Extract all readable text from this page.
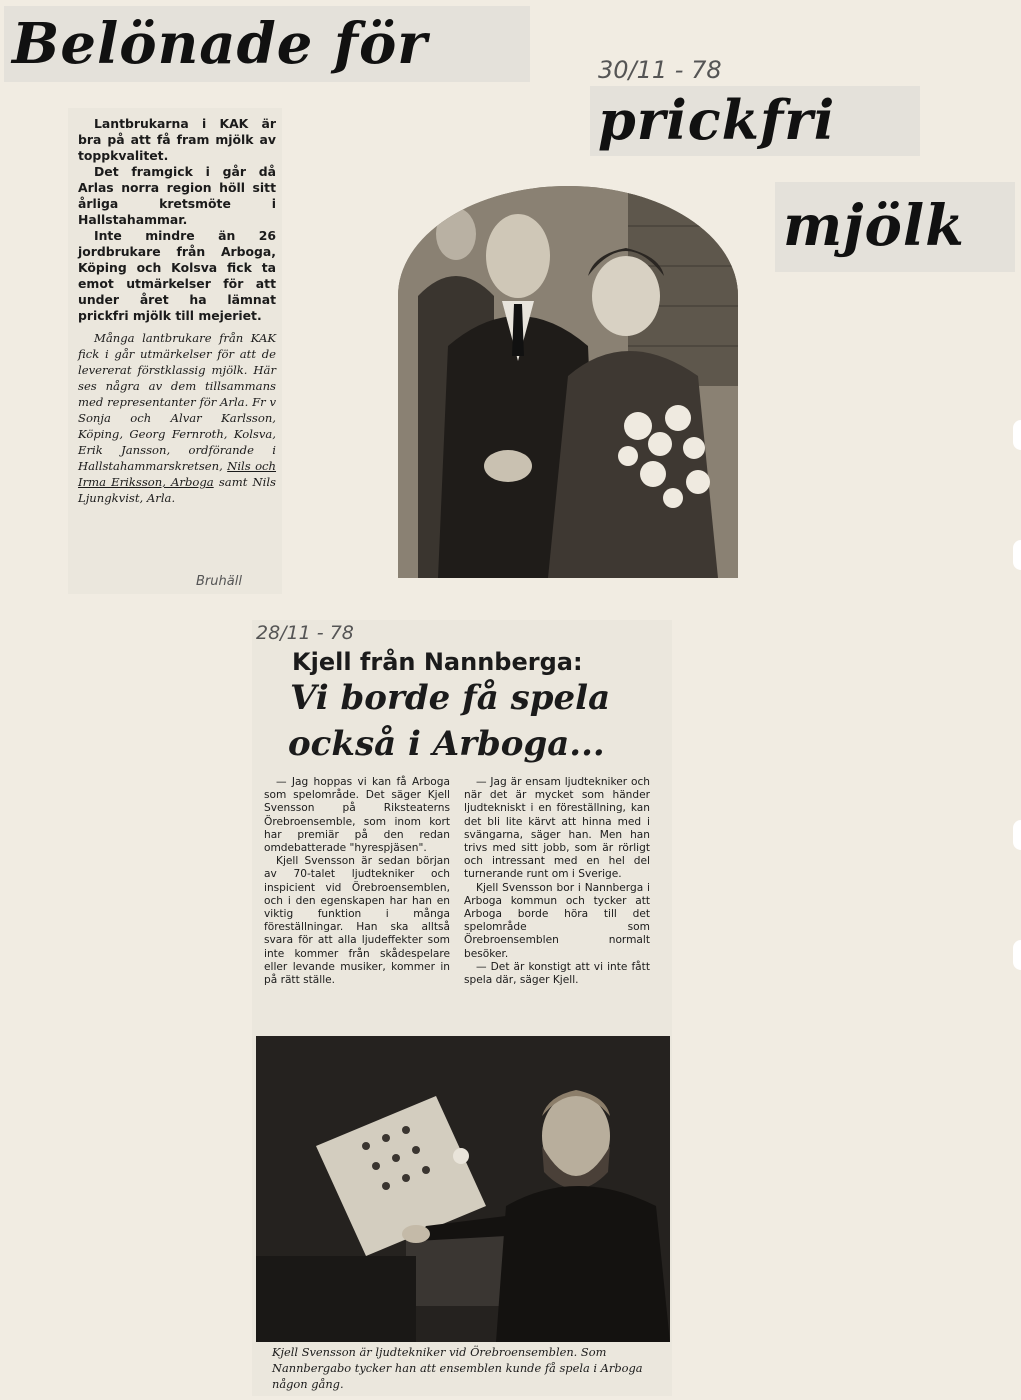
Belönade för	30/11 - 78
prickfri
mjölk

Lantbrukarna i KAK är bra på att få fram mjölk av toppkvalitet.

Det framgick i går då Arlas norra region höll sitt årliga kretsmöte i Hallstahammar.

Inte mindre än 26 jordbrukare från Arboga, Köping och Kolsva fick ta emot utmärkelser för att under året ha lämnat prickfri mjölk till mejeriet.

Många lantbrukare från KAK fick i går utmärkelser för att de levererat förstklassig mjölk. Här ses några av dem tillsammans med representanter för Arla. Fr v Sonja och Alvar Karlsson, Köping, Georg Fernroth, Kolsva, Erik Jansson, ordförande i Hallstahammarskretsen, Nils och Irma Eriksson, Arboga samt Nils Ljungkvist, Arla.

Bruhäll
Kjell från Nannberga:
Vi borde få spela
också i Arboga...

— Jag hoppas vi kan få Arboga som spelområde. Det säger Kjell Svensson på Riksteaterns Örebroensemble, som inom kort har premiär på den redan omdebatterade "hyrespjäsen".

Kjell Svensson är sedan början av 70-talet ljudtekniker och inspicient vid Örebroensemblen, och i den egenskapen har han en viktig funktion i många föreställningar. Han ska alltså svara för att alla ljudeffekter som inte kommer från skådespelare eller levande musiker, kommer in på rätt ställe.

— Jag är ensam ljudtekniker och när det är mycket som händer ljudtekniskt i en föreställning, kan det bli lite kärvt att hinna med i svängarna, säger han. Men han trivs med sitt jobb, som är rörligt och intressant med en hel del turnerande runt om i Sverige.

Kjell Svensson bor i Nannberga i Arboga kommun och tycker att Arboga borde höra till det spelområde som Örebroensemblen normalt besöker.

— Det är konstigt att vi inte fått spela där, säger Kjell.

Kjell Svensson är ljudtekniker vid Örebroensemblen. Som Nannbergabo tycker han att ensemblen kunde få spela i Arboga någon gång.
28/11 - 78
